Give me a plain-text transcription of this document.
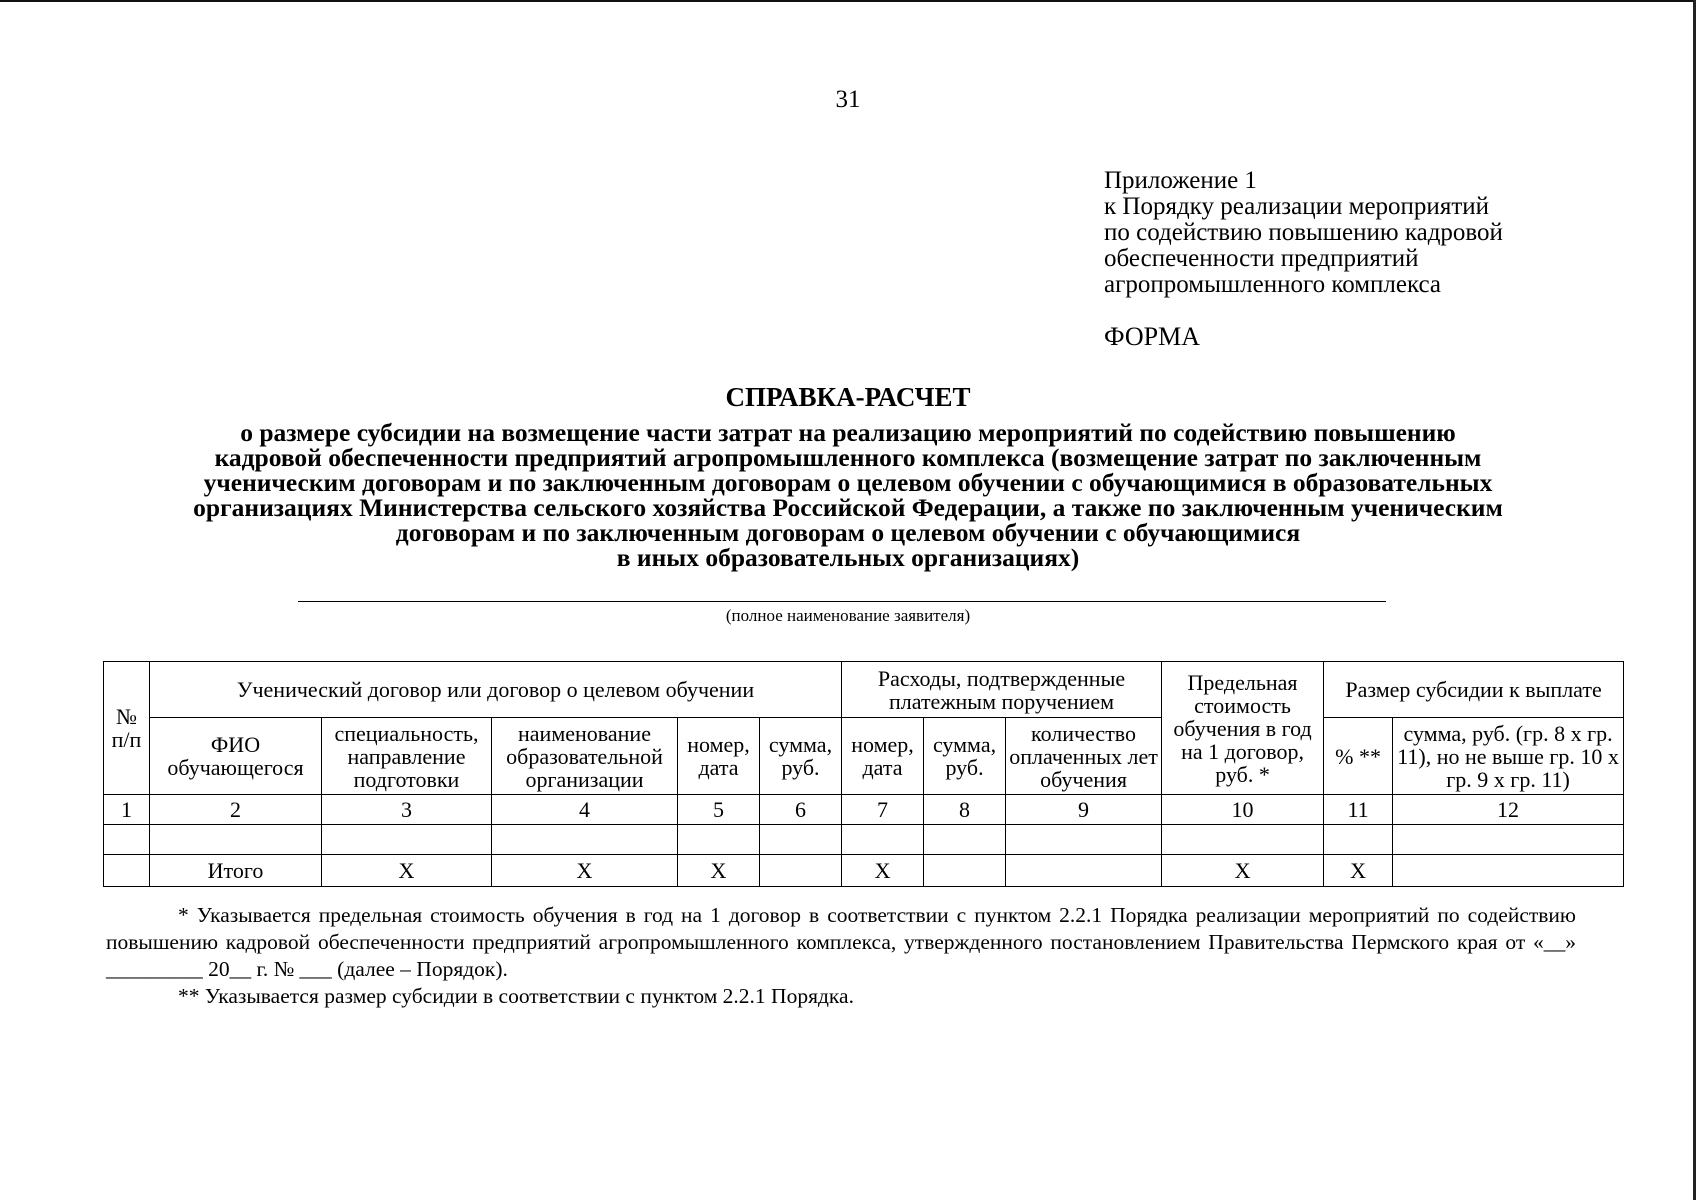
31
Приложение 1
к Порядку реализации мероприятий
по содействию повышению кадровой
обеспеченности предприятий
агропромышленного комплекса
ФОРМА
СПРАВКА-РАСЧЕТ
о размере субсидии на возмещение части затрат на реализацию мероприятий по содействию повышению
кадровой обеспеченности предприятий агропромышленного комплекса (возмещение затрат по заключенным
ученическим договорам и по заключенным договорам о целевом обучении с обучающимися в образовательных
организациях Министерства сельского хозяйства Российской Федерации, а также по заключенным ученическим
договорам и по заключенным договорам о целевом обучении с обучающимися
в иных образовательных организациях)
(полное наименование заявителя)
№ п/п	Ученический договор или договор о целевом обучении					Расходы, подтвержденные платежным поручением			Предельная стоимость обучения в год на 1 договор, руб. *	Размер субсидии к выплате	
	ФИО обучающегося	специальность, направление подготовки	наименование образовательной организации	номер, дата	сумма, руб.	номер, дата	сумма, руб.	количество оплаченных лет обучения		% **	сумма, руб. (гр. 8 х гр. 11), но не выше гр. 10 х гр. 9 х гр. 11)
1	2	3	4	5	6	7	8	9	10	11	12

	Итого	Х	Х	Х		Х			Х	Х	

* Указывается предельная стоимость обучения в год на 1 договор в соответствии с пунктом 2.2.1 Порядка реализации мероприятий по содействию повышению кадровой обеспеченности предприятий агропромышленного комплекса, утвержденного постановлением Правительства Пермского края от «__» _________ 20__ г. № ___ (далее – Порядок).

** Указывается размер субсидии в соответствии с пунктом 2.2.1 Порядка.
